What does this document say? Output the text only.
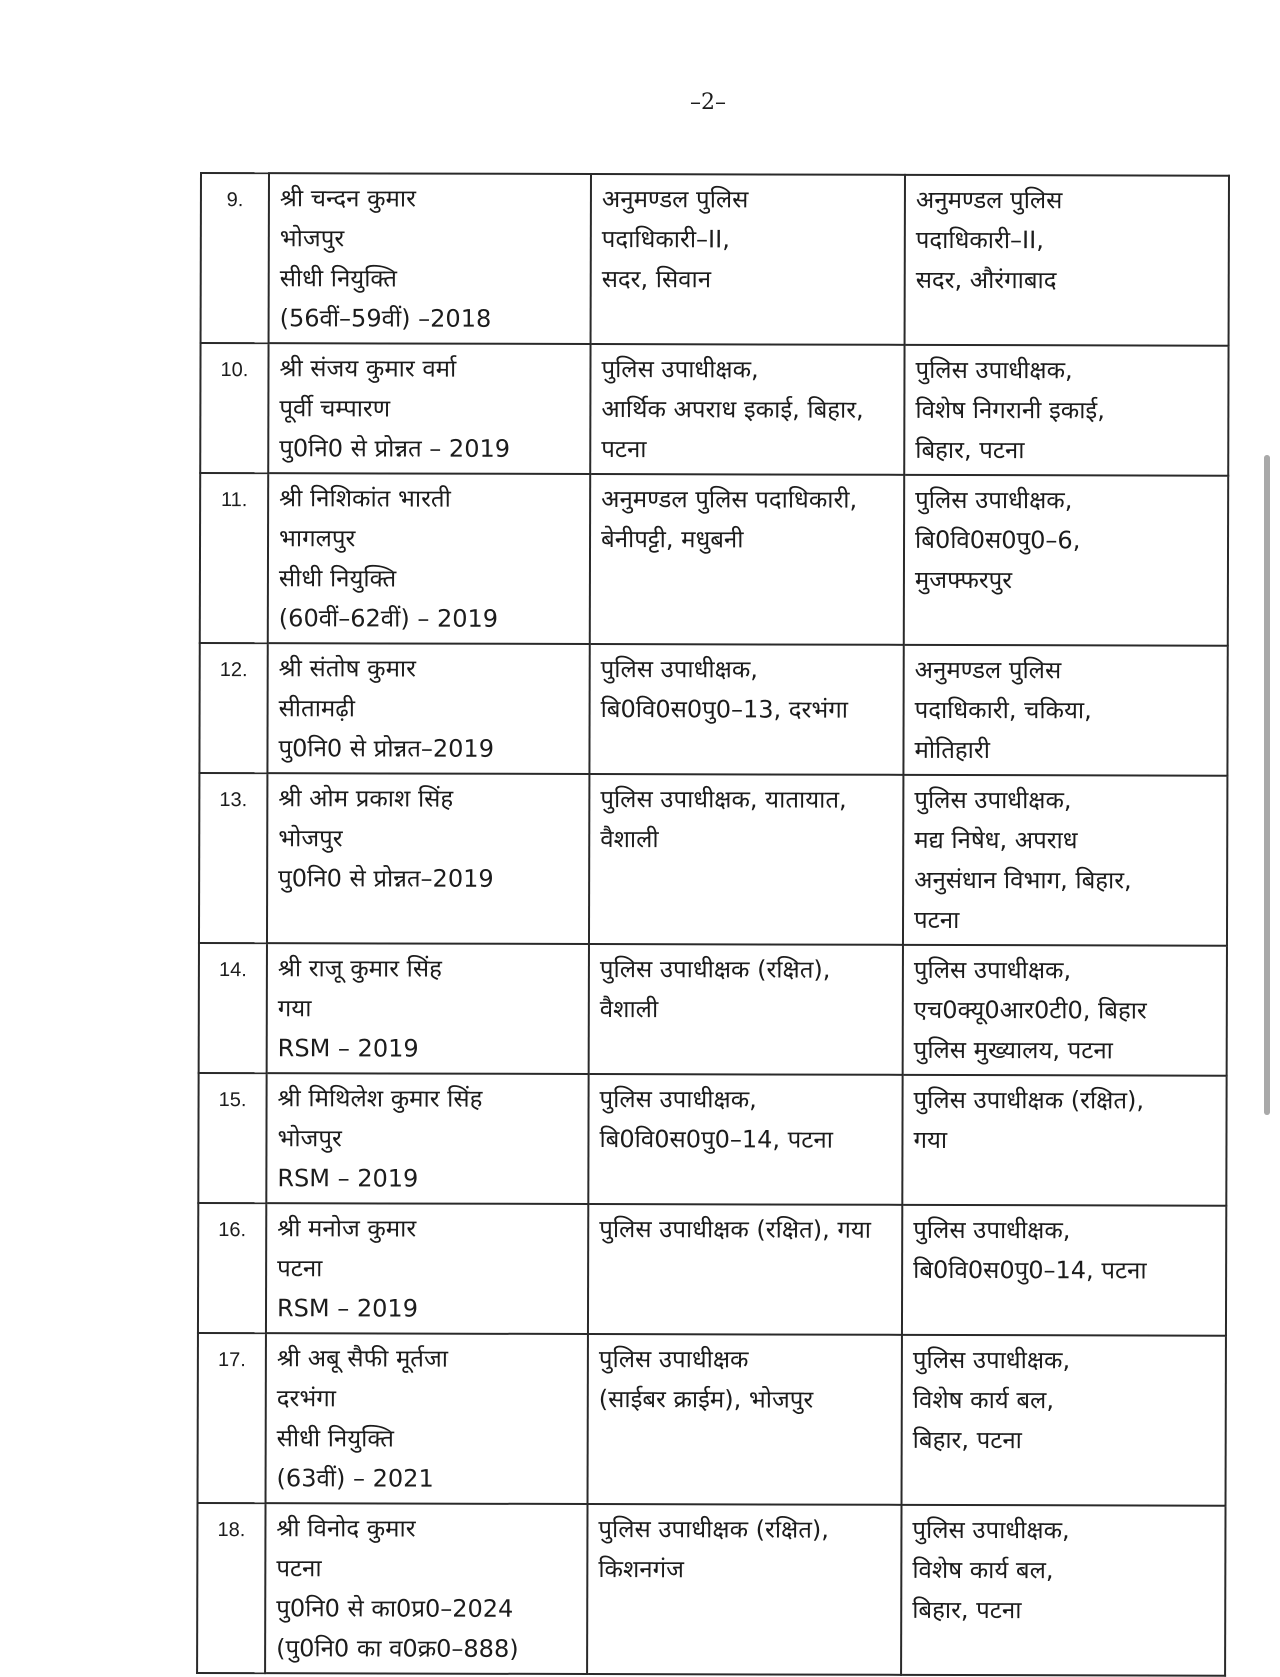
–2–
9.	श्री चन्दन कुमार
भोजपुर
सीधी नियुक्ति
(56वीं–59वीं) –2018	अनुमण्डल पुलिस
पदाधिकारी–II,
सदर, सिवान	अनुमण्डल पुलिस
पदाधिकारी–II,
सदर, औरंगाबाद

10.	श्री संजय कुमार वर्मा
पूर्वी चम्पारण
पु0नि0 से प्रोन्नत – 2019	पुलिस उपाधीक्षक,
आर्थिक अपराध इकाई, बिहार,
पटना	पुलिस उपाधीक्षक,
विशेष निगरानी इकाई,
बिहार, पटना

11.	श्री निशिकांत भारती
भागलपुर
सीधी नियुक्ति
(60वीं–62वीं) – 2019	अनुमण्डल पुलिस पदाधिकारी,
बेनीपट्टी, मधुबनी	पुलिस उपाधीक्षक,
बि0वि0स0पु0–6,
मुजफ्फरपुर

12.	श्री संतोष कुमार
सीतामढ़ी
पु0नि0 से प्रोन्नत–2019	पुलिस उपाधीक्षक,
बि0वि0स0पु0–13, दरभंगा	अनुमण्डल पुलिस
पदाधिकारी, चकिया,
मोतिहारी

13.	श्री ओम प्रकाश सिंह
भोजपुर
पु0नि0 से प्रोन्नत–2019	पुलिस उपाधीक्षक, यातायात,
वैशाली	पुलिस उपाधीक्षक,
मद्य निषेध, अपराध
अनुसंधान विभाग, बिहार,
पटना

14.	श्री राजू कुमार सिंह
गया
RSM – 2019	पुलिस उपाधीक्षक (रक्षित),
वैशाली	पुलिस उपाधीक्षक,
एच0क्यू0आर0टी0, बिहार
पुलिस मुख्यालय, पटना

15.	श्री मिथिलेश कुमार सिंह
भोजपुर
RSM – 2019	पुलिस उपाधीक्षक,
बि0वि0स0पु0–14, पटना	पुलिस उपाधीक्षक (रक्षित),
गया

16.	श्री मनोज कुमार
पटना
RSM – 2019	पुलिस उपाधीक्षक (रक्षित), गया	पुलिस उपाधीक्षक,
बि0वि0स0पु0–14, पटना

17.	श्री अबू सैफी मूर्तजा
दरभंगा
सीधी नियुक्ति
(63वीं) – 2021	पुलिस उपाधीक्षक
(साईबर क्राईम), भोजपुर	पुलिस उपाधीक्षक,
विशेष कार्य बल,
बिहार, पटना

18.	श्री विनोद कुमार
पटना
पु0नि0 से का0प्र0–2024
(पु0नि0 का व0क्र0–888)	पुलिस उपाधीक्षक (रक्षित),
किशनगंज	पुलिस उपाधीक्षक,
विशेष कार्य बल,
बिहार, पटना
